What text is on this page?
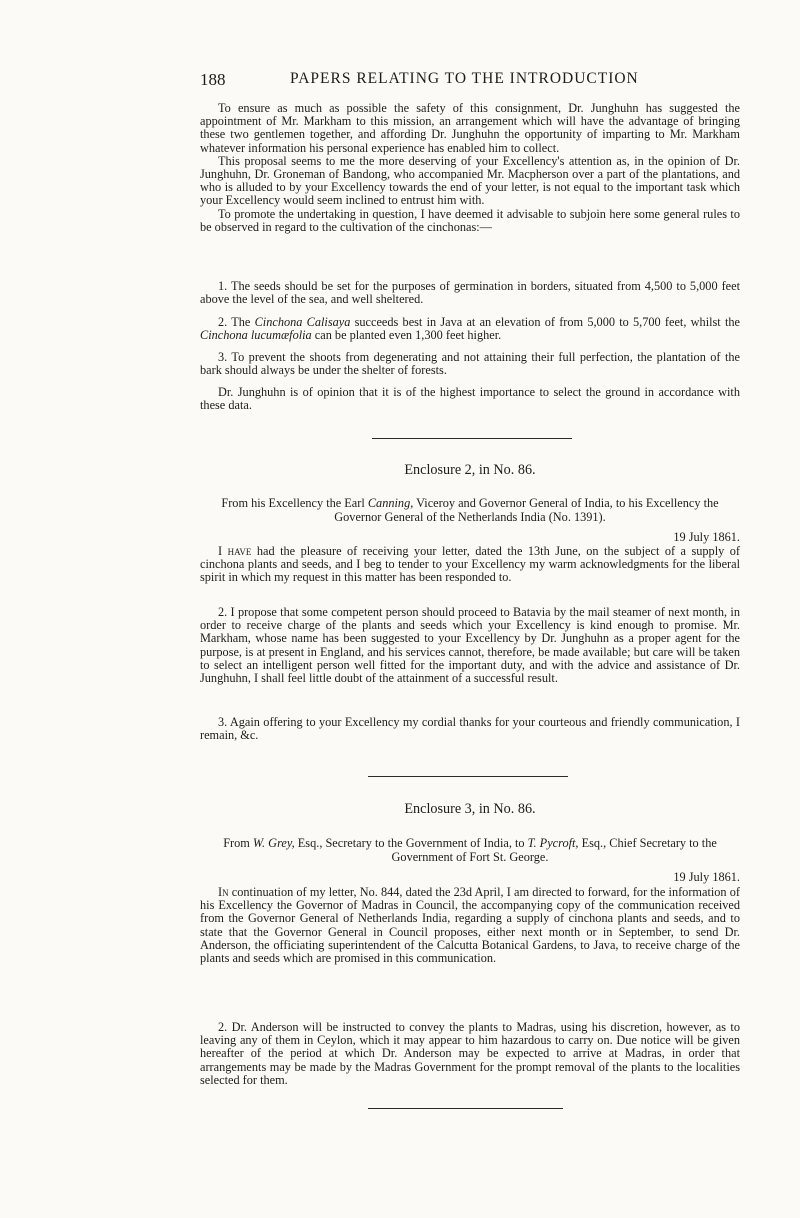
188	PAPERS RELATING TO THE INTRODUCTION

To ensure as much as possible the safety of this consignment, Dr. Junghuhn has suggested the appointment of Mr. Markham to this mission, an arrangement which will have the advantage of bringing these two gentlemen together, and affording Dr. Junghuhn the opportunity of imparting to Mr. Markham whatever information his personal experience has enabled him to collect.

This proposal seems to me the more deserving of your Excellency's attention as, in the opinion of Dr. Junghuhn, Dr. Groneman of Bandong, who accompanied Mr. Macpherson over a part of the plantations, and who is alluded to by your Excellency towards the end of your letter, is not equal to the important task which your Excellency would seem inclined to entrust him with.

To promote the undertaking in question, I have deemed it advisable to subjoin here some general rules to be observed in regard to the cultivation of the cinchonas:—

1. The seeds should be set for the purposes of germination in borders, situated from 4,500 to 5,000 feet above the level of the sea, and well sheltered.

2. The Cinchona Calisaya succeeds best in Java at an elevation of from 5,000 to 5,700 feet, whilst the Cinchona lucumæfolia can be planted even 1,300 feet higher.

3. To prevent the shoots from degenerating and not attaining their full perfection, the plantation of the bark should always be under the shelter of forests.

Dr. Junghuhn is of opinion that it is of the highest importance to select the ground in accordance with these data.

Enclosure 2, in No. 86.
From his Excellency the Earl Canning, Viceroy and Governor General of India, to his Excellency the Governor General of the Netherlands India (No. 1391).
19 July 1861.

I have had the pleasure of receiving your letter, dated the 13th June, on the subject of a supply of cinchona plants and seeds, and I beg to tender to your Excellency my warm acknowledgments for the liberal spirit in which my request in this matter has been responded to.

2. I propose that some competent person should proceed to Batavia by the mail steamer of next month, in order to receive charge of the plants and seeds which your Excellency is kind enough to promise. Mr. Markham, whose name has been suggested to your Excellency by Dr. Junghuhn as a proper agent for the purpose, is at present in England, and his services cannot, therefore, be made available; but care will be taken to select an intelligent person well fitted for the important duty, and with the advice and assistance of Dr. Junghuhn, I shall feel little doubt of the attainment of a successful result.

3. Again offering to your Excellency my cordial thanks for your courteous and friendly communication, I remain, &c.

Enclosure 3, in No. 86.
From W. Grey, Esq., Secretary to the Government of India, to T. Pycroft, Esq., Chief Secretary to the Government of Fort St. George.
19 July 1861.

In continuation of my letter, No. 844, dated the 23d April, I am directed to forward, for the information of his Excellency the Governor of Madras in Council, the accompanying copy of the communication received from the Governor General of Netherlands India, regarding a supply of cinchona plants and seeds, and to state that the Governor General in Council proposes, either next month or in September, to send Dr. Anderson, the officiating superintendent of the Calcutta Botanical Gardens, to Java, to receive charge of the plants and seeds which are promised in this communication.

2. Dr. Anderson will be instructed to convey the plants to Madras, using his discretion, however, as to leaving any of them in Ceylon, which it may appear to him hazardous to carry on. Due notice will be given hereafter of the period at which Dr. Anderson may be expected to arrive at Madras, in order that arrangements may be made by the Madras Government for the prompt removal of the plants to the localities selected for them.
